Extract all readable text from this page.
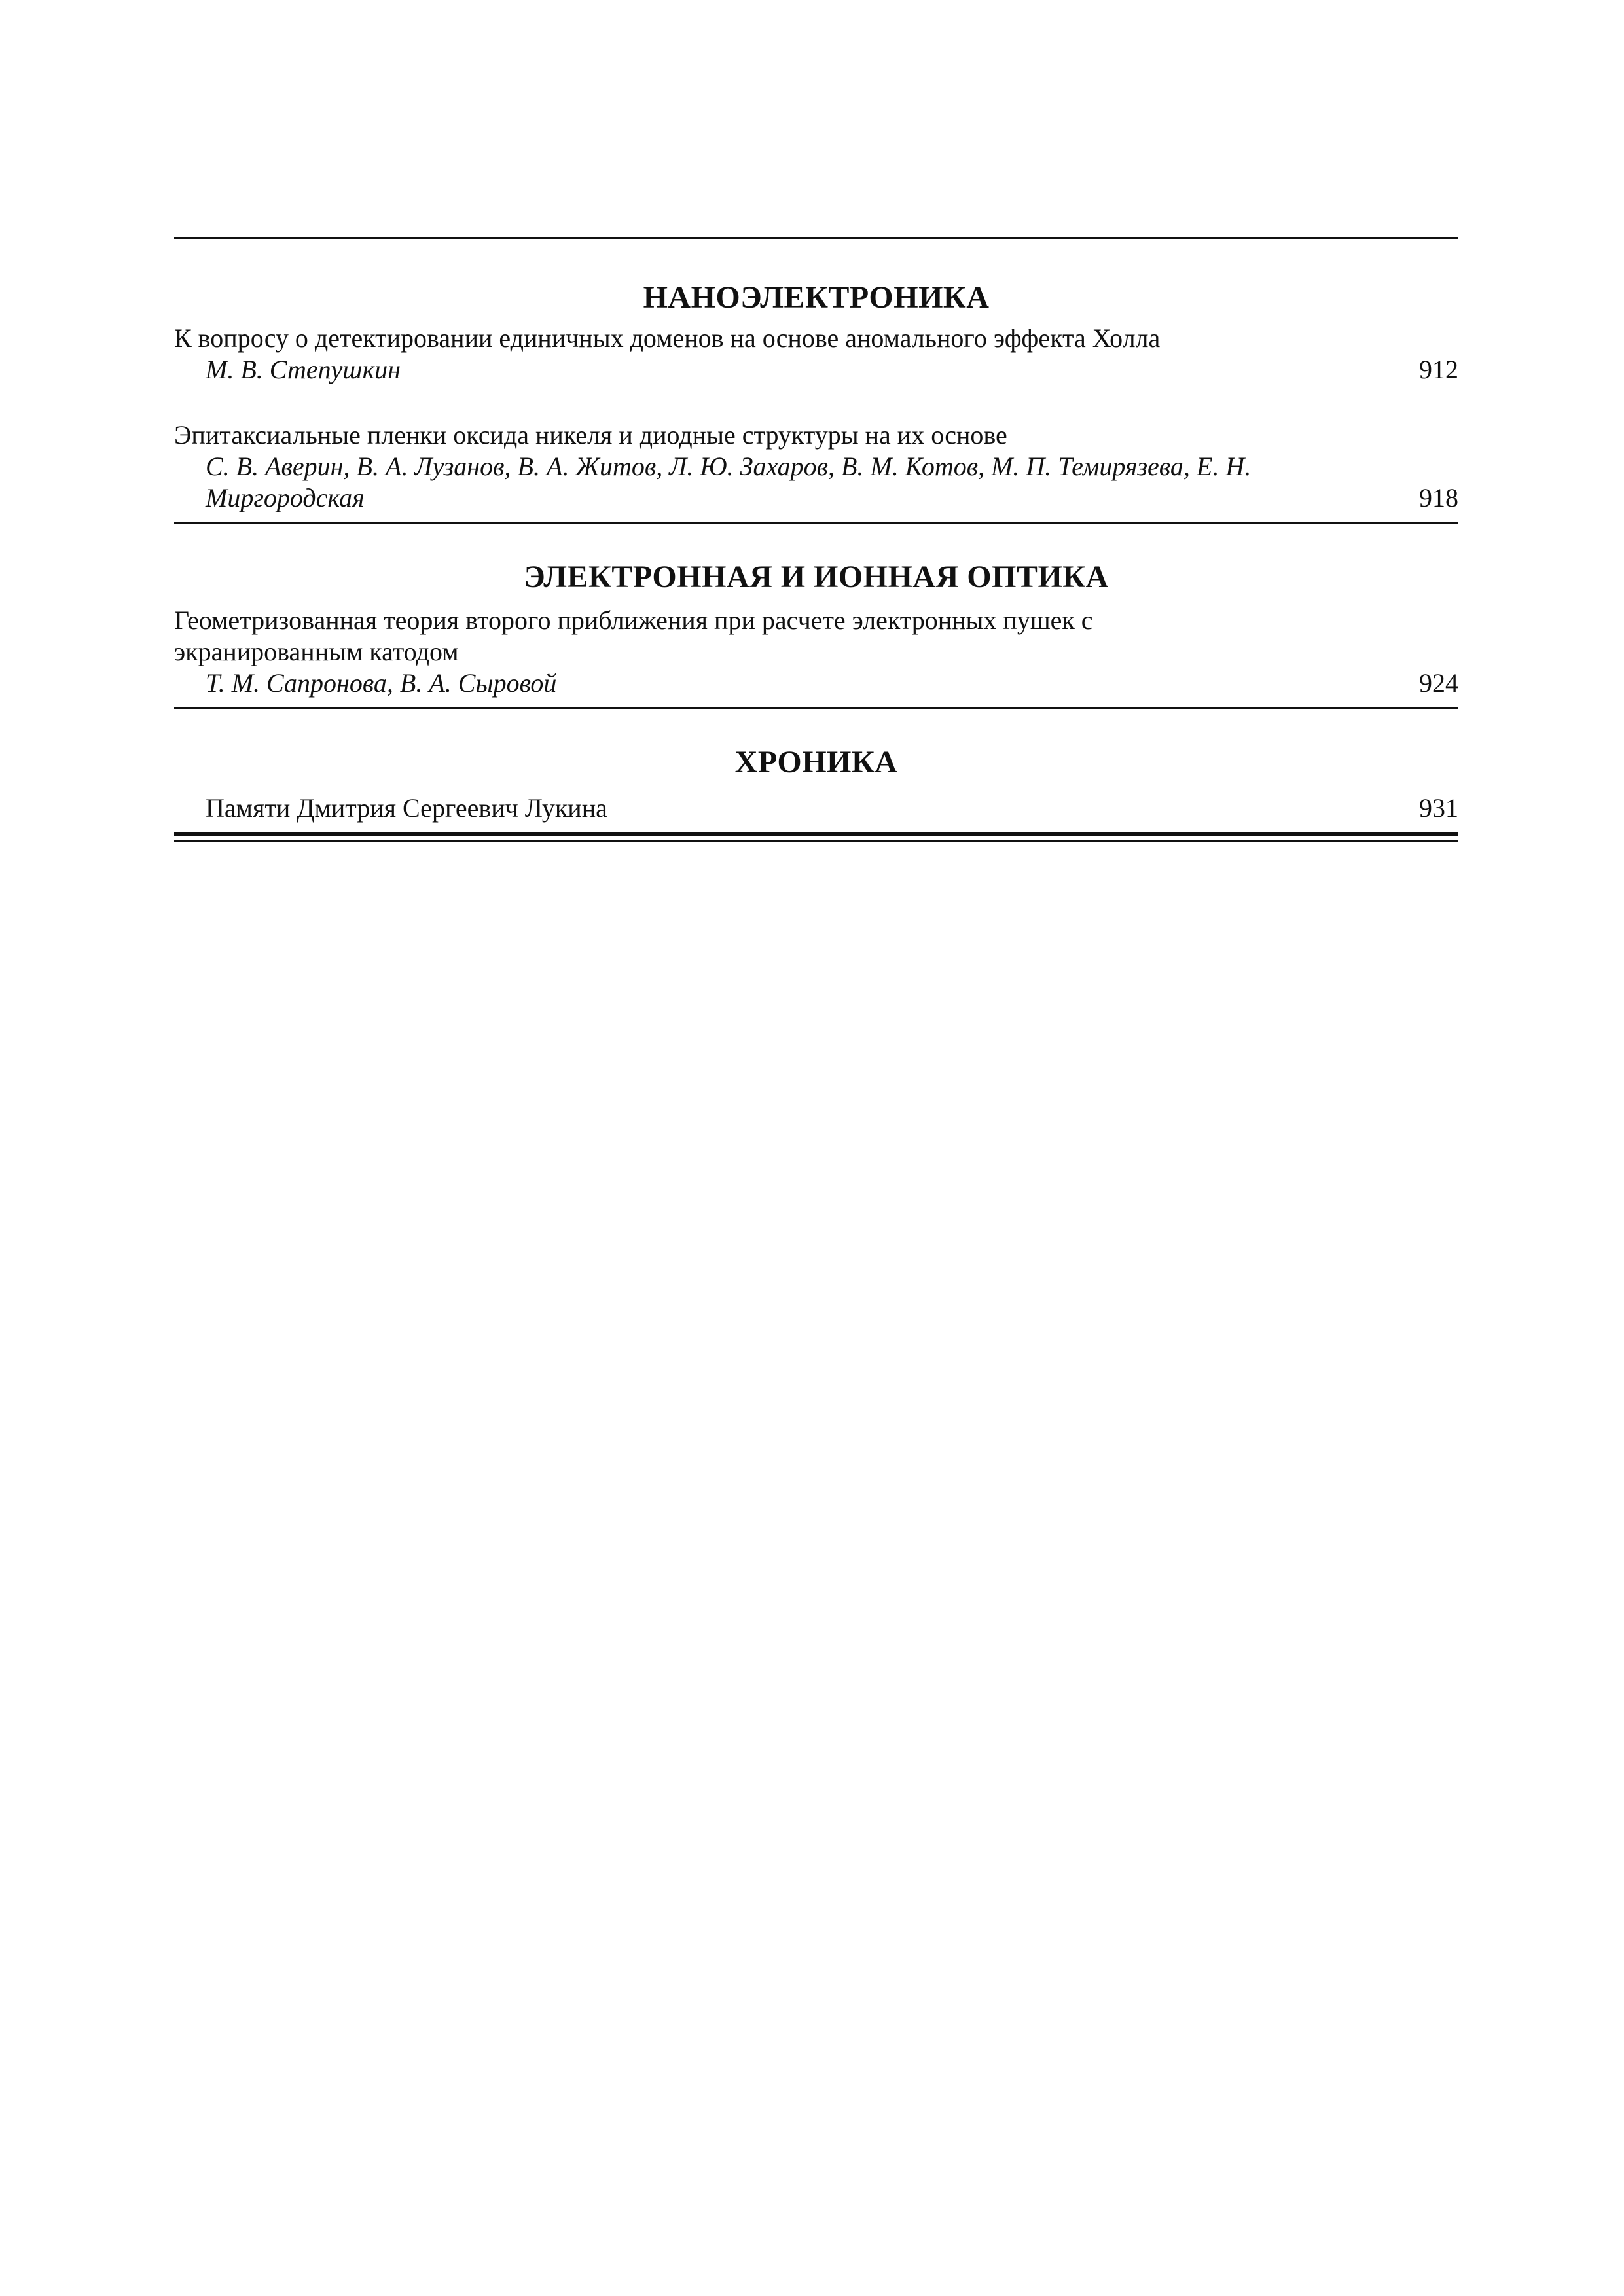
НАНОЭЛЕКТРОНИКА
К вопросу о детектировании единичных доменов на основе аномального эффекта Холла
М. В. Степушкин	912
Эпитаксиальные пленки оксида никеля и диодные структуры на их основе
С. В. Аверин, В. А. Лузанов, В. А. Житов, Л. Ю. Захаров, В. М. Котов, М. П. Темирязева, Е. Н. Миргородская	918
ЭЛЕКТРОННАЯ И ИОННАЯ ОПТИКА
Геометризованная теория второго приближения при расчете электронных пушек с экранированным катодом
Т. М. Сапронова, В. А. Сыровой	924
ХРОНИКА
Памяти Дмитрия Сергеевич Лукина	931
